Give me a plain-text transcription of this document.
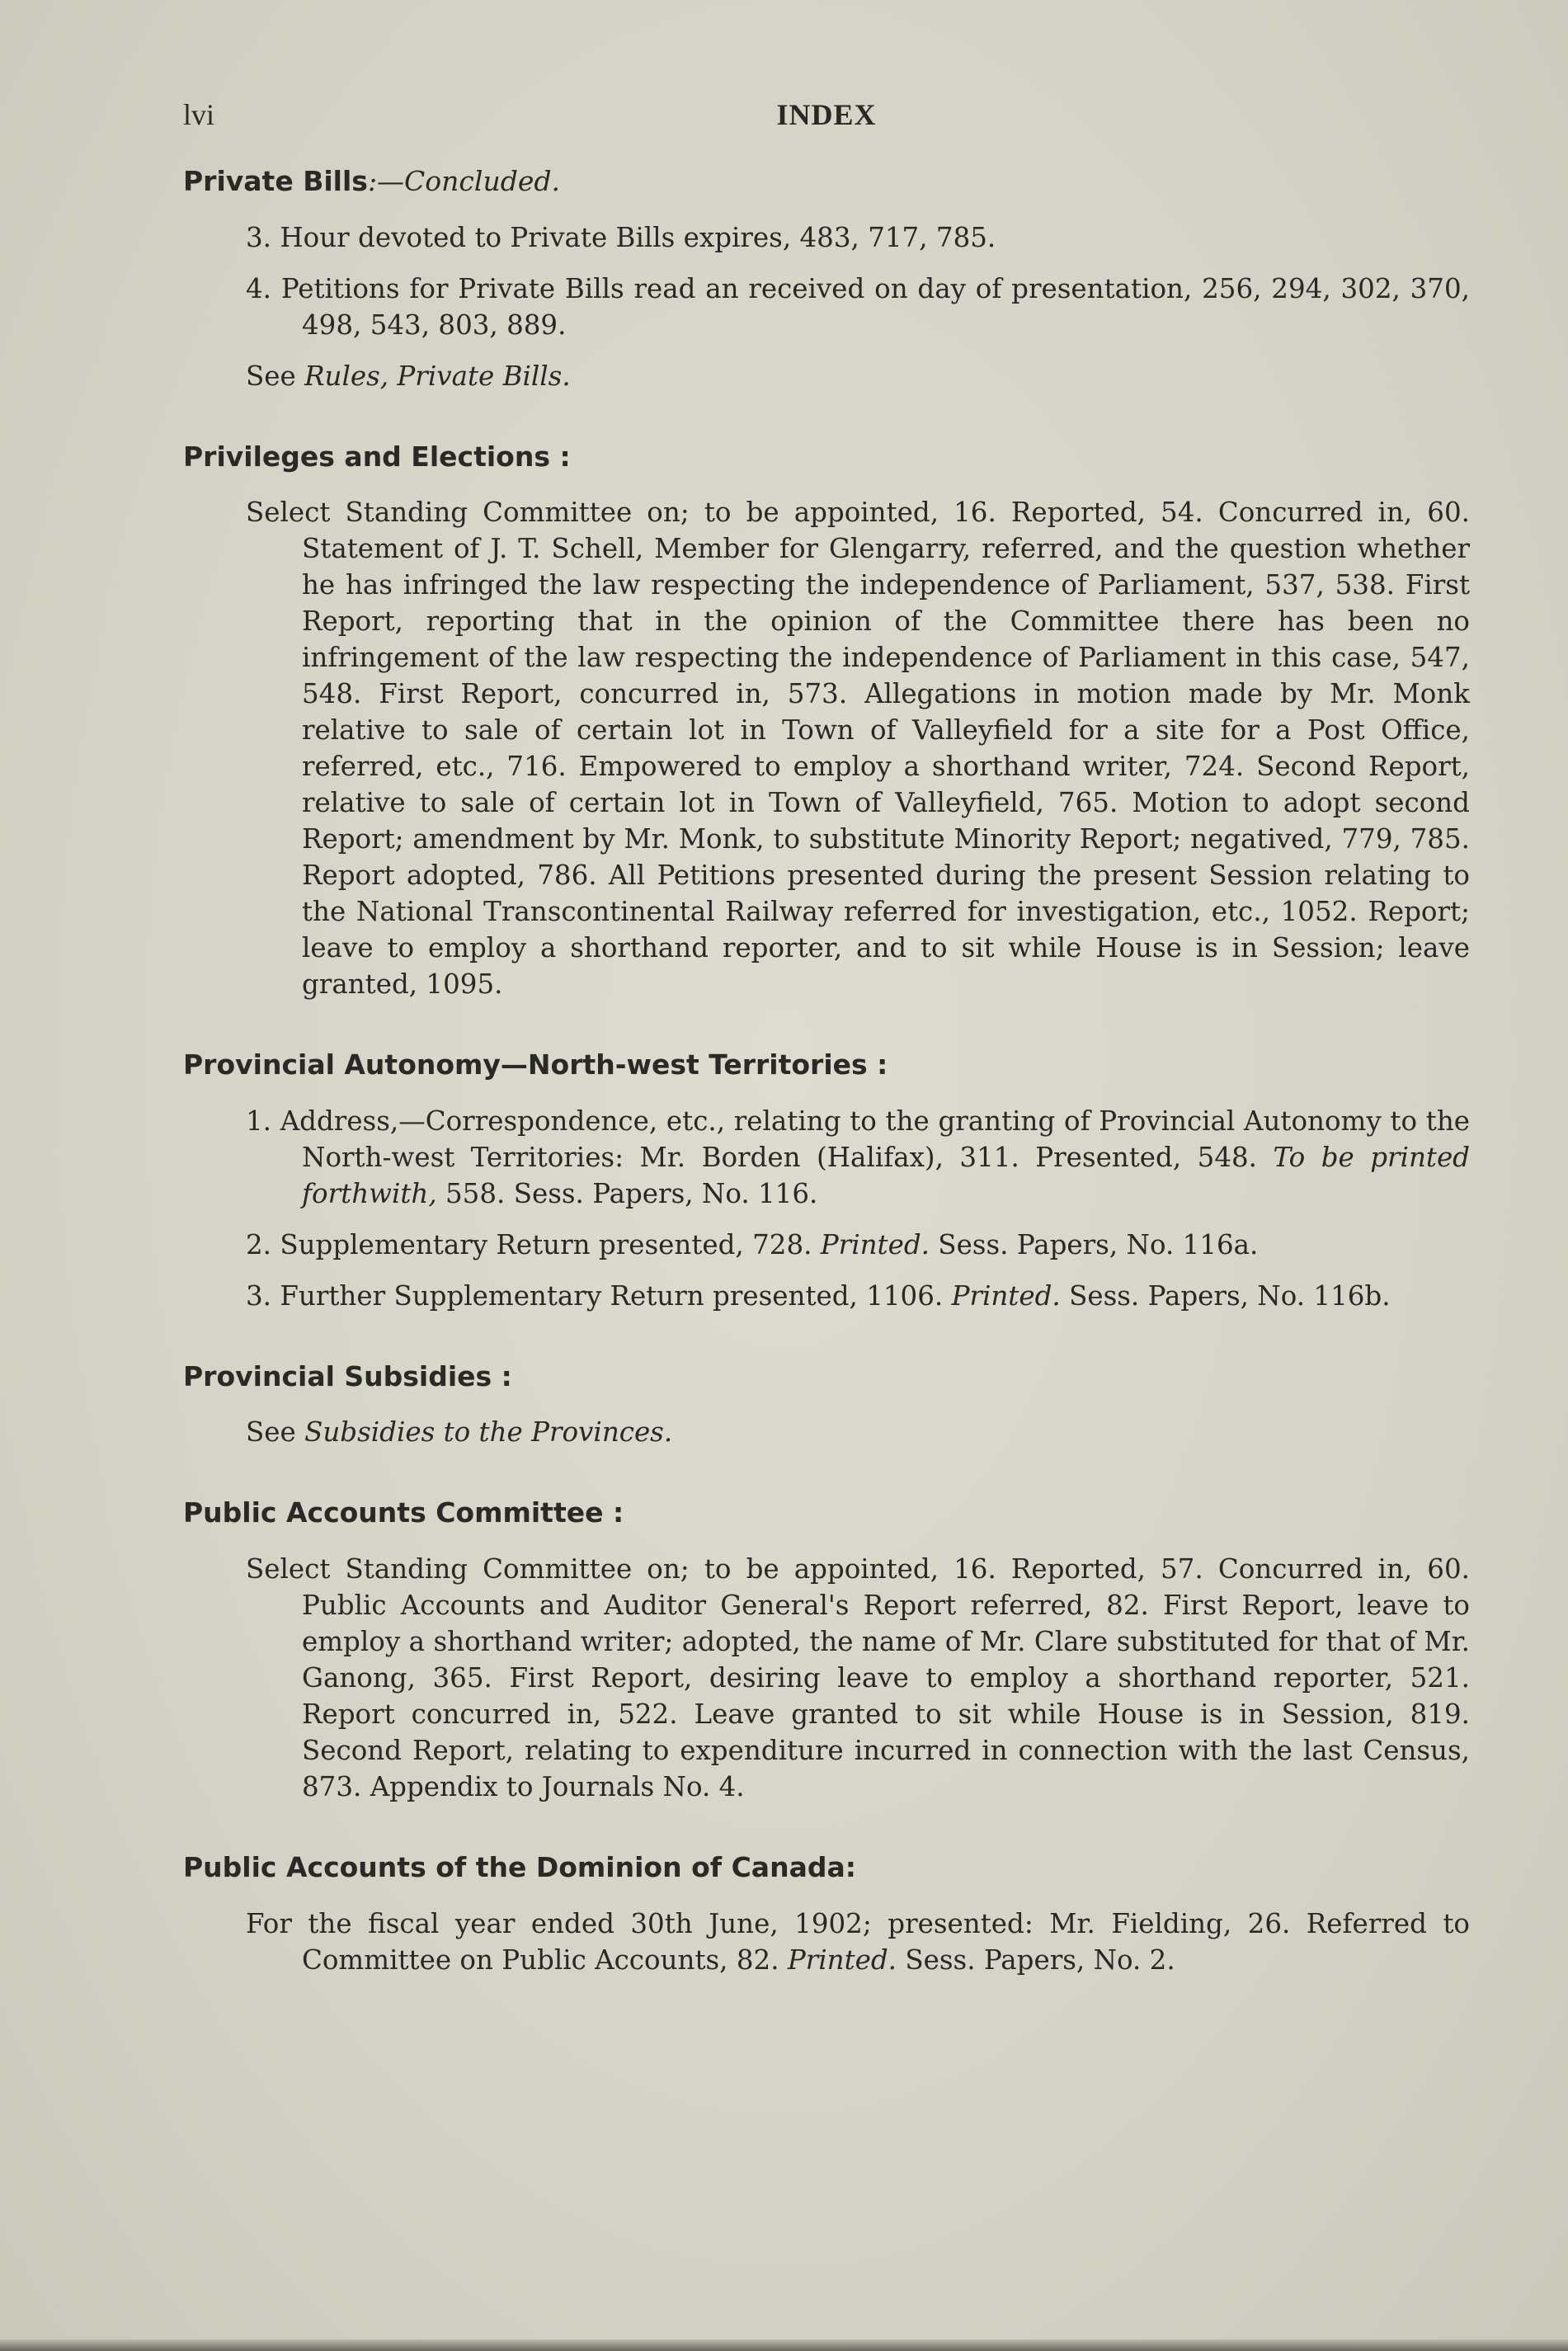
lvi	INDEX
Private Bills:—Concluded.

3. Hour devoted to Private Bills expires, 483, 717, 785.

4. Petitions for Private Bills read an received on day of presentation, 256, 294, 302, 370, 498, 543, 803, 889.

See Rules, Private Bills.

Privileges and Elections :

Select Standing Committee on; to be appointed, 16. Reported, 54. Concurred in, 60. Statement of J. T. Schell, Member for Glengarry, referred, and the question whether he has infringed the law respecting the independence of Parliament, 537, 538. First Report, reporting that in the opinion of the Committee there has been no infringement of the law respecting the independence of Parliament in this case, 547, 548. First Report, concurred in, 573. Allegations in motion made by Mr. Monk relative to sale of certain lot in Town of Valleyfield for a site for a Post Office, referred, etc., 716. Empowered to employ a shorthand writer, 724. Second Report, relative to sale of certain lot in Town of Valleyfield, 765. Motion to adopt second Report; amendment by Mr. Monk, to substitute Minority Report; negatived, 779, 785. Report adopted, 786. All Petitions presented during the present Session relating to the National Transcontinental Railway referred for investigation, etc., 1052. Report; leave to employ a shorthand reporter, and to sit while House is in Session; leave granted, 1095.

Provincial Autonomy—North-west Territories :

1. Address,—Correspondence, etc., relating to the granting of Provincial Autonomy to the North-west Territories: Mr. Borden (Halifax), 311. Presented, 548. To be printed forthwith, 558. Sess. Papers, No. 116.

2. Supplementary Return presented, 728. Printed. Sess. Papers, No. 116a.

3. Further Supplementary Return presented, 1106. Printed. Sess. Papers, No. 116b.

Provincial Subsidies :

See Subsidies to the Provinces.

Public Accounts Committee :

Select Standing Committee on; to be appointed, 16. Reported, 57. Concurred in, 60. Public Accounts and Auditor General's Report referred, 82. First Report, leave to employ a shorthand writer; adopted, the name of Mr. Clare substituted for that of Mr. Ganong, 365. First Report, desiring leave to employ a shorthand reporter, 521. Report concurred in, 522. Leave granted to sit while House is in Session, 819. Second Report, relating to expenditure incurred in connection with the last Census, 873. Appendix to Journals No. 4.

Public Accounts of the Dominion of Canada:

For the fiscal year ended 30th June, 1902; presented: Mr. Fielding, 26. Referred to Committee on Public Accounts, 82. Printed. Sess. Papers, No. 2.
